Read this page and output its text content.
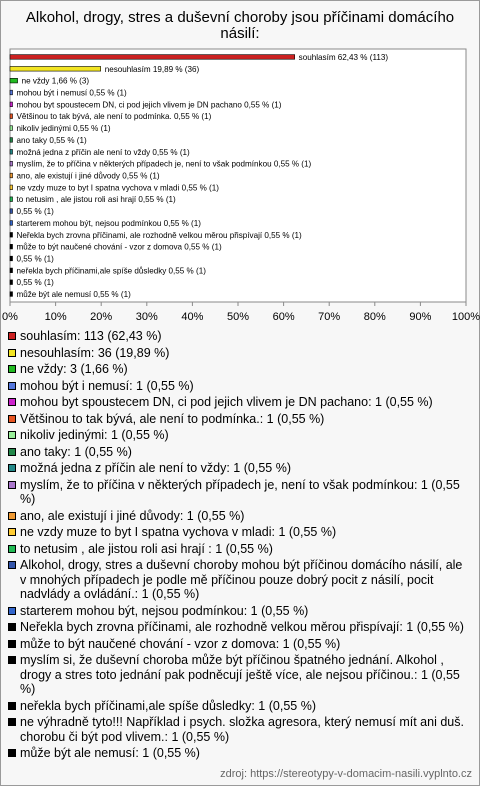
Alkohol, drogy, stres a duševní choroby jsou příčinami domácího násilí:
souhlasím 62,43 % (113)
nesouhlasím 19,89 % (36)
ne vždy 1,66 % (3)
mohou být i nemusí 0,55 % (1)
mohou byt spoustecem DN, ci pod jejich vlivem je DN pachano 0,55 % (1)
Většinou to tak bývá, ale není to podmínka. 0,55 % (1)
nikoliv jedinými 0,55 % (1)
ano taky 0,55 % (1)
možná jedna z příčin ale není to vždy 0,55 % (1)
myslím, že to příčina v některých případech je, není to však podmínkou 0,55 % (1)
ano, ale existují i jiné důvody 0,55 % (1)
ne vzdy muze to byt I spatna vychova v mladi 0,55 % (1)
to netusim , ale jistou roli asi hrají 0,55 % (1)
0,55 % (1)
starterem mohou být, nejsou podmínkou 0,55 % (1)
Neřekla bych zrovna příčinami, ale rozhodně velkou měrou přispívají 0,55 % (1)
může to být naučené chování - vzor z domova 0,55 % (1)
0,55 % (1)
neřekla bych příčinami,ale spíše důsledky 0,55 % (1)
0,55 % (1)
může být ale nemusí 0,55 % (1)
0% 10% 20% 30% 40% 50% 60% 70% 80% 90% 100%
souhlasím: 113 (62,43 %)
nesouhlasím: 36 (19,89 %)
ne vždy: 3 (1,66 %)
mohou být i nemusí: 1 (0,55 %)
mohou byt spoustecem DN, ci pod jejich vlivem je DN pachano: 1 (0,55 %)
Většinou to tak bývá, ale není to podmínka.: 1 (0,55 %)
nikoliv jedinými: 1 (0,55 %)
ano taky: 1 (0,55 %)
možná jedna z příčin ale není to vždy: 1 (0,55 %)
myslím, že to příčina v některých případech je, není to však podmínkou: 1 (0,55 %)
ano, ale existují i jiné důvody: 1 (0,55 %)
ne vzdy muze to byt I spatna vychova v mladi: 1 (0,55 %)
to netusim , ale jistou roli asi hrají : 1 (0,55 %)
Alkohol, drogy, stres a duševní choroby mohou být příčinou domácího násilí, ale v mnohých případech je podle mě příčinou pouze dobrý pocit z násilí, pocit nadvlády a ovládání.: 1 (0,55 %)
starterem mohou být, nejsou podmínkou: 1 (0,55 %)
Neřekla bych zrovna příčinami, ale rozhodně velkou měrou přispívají: 1 (0,55 %)
může to být naučené chování - vzor z domova: 1 (0,55 %)
myslím si, že duševní choroba může být příčinou špatného jednání. Alkohol , drogy a stres toto jednání pak podněcují ještě více, ale nejsou příčinou.: 1 (0,55 %)
neřekla bych příčinami,ale spíše důsledky: 1 (0,55 %)
ne výhradně tyto!!! Například i psych. složka agresora, který nemusí mít ani duš. chorobu či být pod vlivem.: 1 (0,55 %)
může být ale nemusí: 1 (0,55 %)
zdroj: https://stereotypy-v-domacim-nasili.vyplnto.cz
